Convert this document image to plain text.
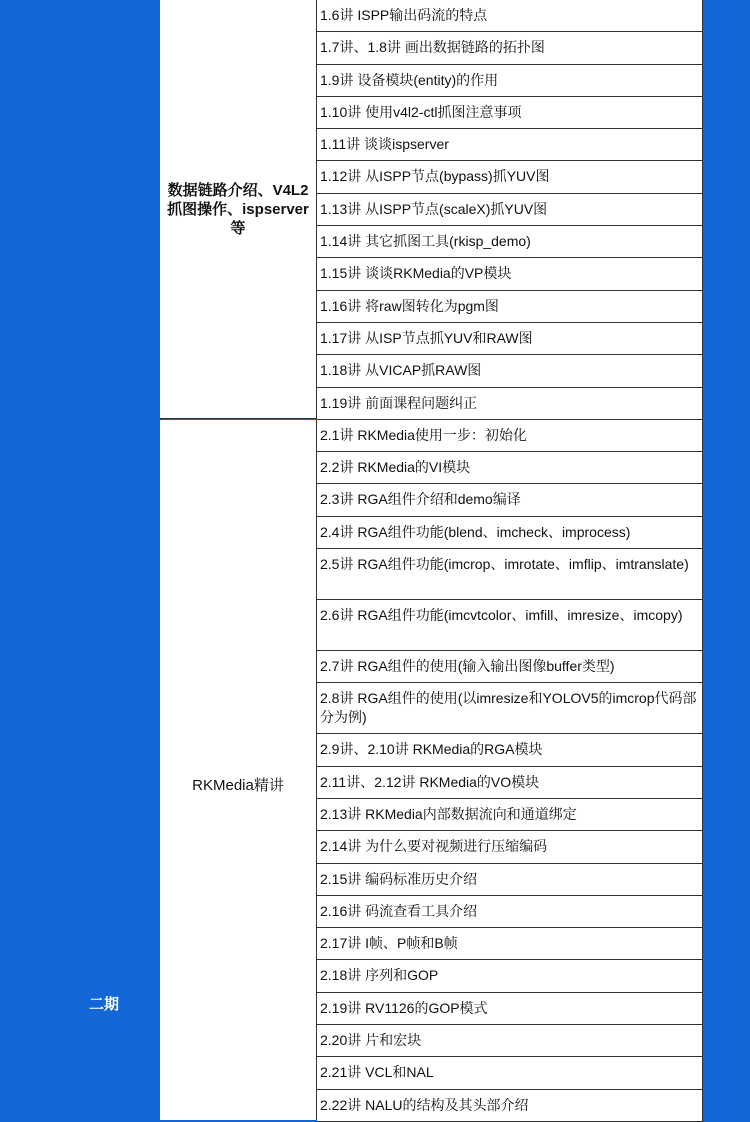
二期
数据链路介绍、V4L2抓图操作、ispserver等
RKMedia精讲
1.6讲 ISPP输出码流的特点
1.7讲、1.8讲 画出数据链路的拓扑图
1.9讲 设备模块(entity)的作用
1.10讲 使用v4l2-ctl抓图注意事项
1.11讲 谈谈ispserver
1.12讲 从ISPP节点(bypass)抓YUV图
1.13讲 从ISPP节点(scaleX)抓YUV图
1.14讲 其它抓图工具(rkisp_demo)
1.15讲 谈谈RKMedia的VP模块
1.16讲 将raw图转化为pgm图
1.17讲 从ISP节点抓YUV和RAW图
1.18讲 从VICAP抓RAW图
1.19讲 前面课程问题纠正
2.1讲 RKMedia使用一步：初始化
2.2讲 RKMedia的VI模块
2.3讲 RGA组件介绍和demo编译
2.4讲 RGA组件功能(blend、imcheck、improcess)
2.5讲 RGA组件功能(imcrop、imrotate、imflip、imtranslate)
2.6讲 RGA组件功能(imcvtcolor、imfill、imresize、imcopy)
2.7讲 RGA组件的使用(输入输出图像buffer类型)
2.8讲 RGA组件的使用(以imresize和YOLOV5的imcrop代码部分为例)
2.9讲、2.10讲 RKMedia的RGA模块
2.11讲、2.12讲 RKMedia的VO模块
2.13讲 RKMedia内部数据流向和通道绑定
2.14讲 为什么要对视频进行压缩编码
2.15讲 编码标准历史介绍
2.16讲 码流查看工具介绍
2.17讲 I帧、P帧和B帧
2.18讲 序列和GOP
2.19讲 RV1126的GOP模式
2.20讲 片和宏块
2.21讲 VCL和NAL
2.22讲 NALU的结构及其头部介绍
